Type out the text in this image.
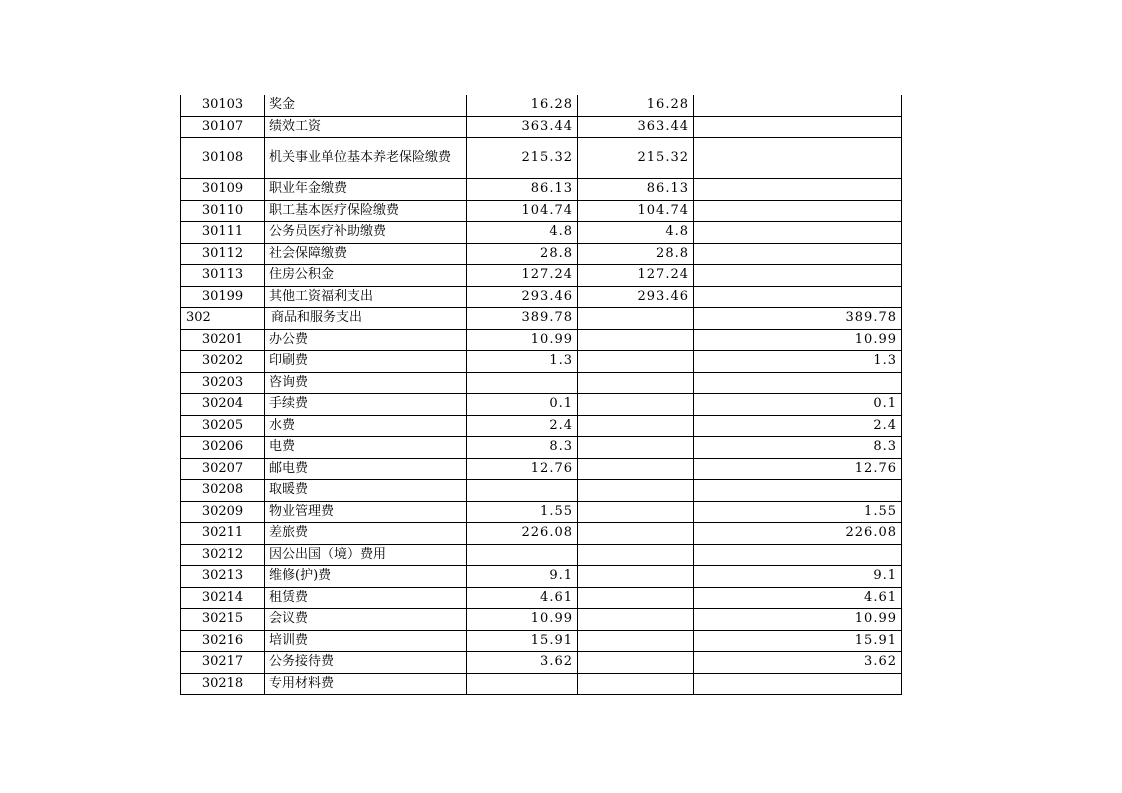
30103	奖金	16.28	16.28	
30107	绩效工资	363.44	363.44	
30108	机关事业单位基本养老保险缴费	215.32	215.32	
30109	职业年金缴费	86.13	86.13	
30110	职工基本医疗保险缴费	104.74	104.74	
30111	公务员医疗补助缴费	4.8	4.8	
30112	社会保障缴费	28.8	28.8	
30113	住房公积金	127.24	127.24	
30199	其他工资福利支出	293.46	293.46	
302	商品和服务支出	389.78		389.78
30201	办公费	10.99		10.99
30202	印刷费	1.3		1.3
30203	咨询费			
30204	手续费	0.1		0.1
30205	水费	2.4		2.4
30206	电费	8.3		8.3
30207	邮电费	12.76		12.76
30208	取暖费			
30209	物业管理费	1.55		1.55
30211	差旅费	226.08		226.08
30212	因公出国（境）费用			
30213	维修(护)费	9.1		9.1
30214	租赁费	4.61		4.61
30215	会议费	10.99		10.99
30216	培训费	15.91		15.91
30217	公务接待费	3.62		3.62
30218	专用材料费			
